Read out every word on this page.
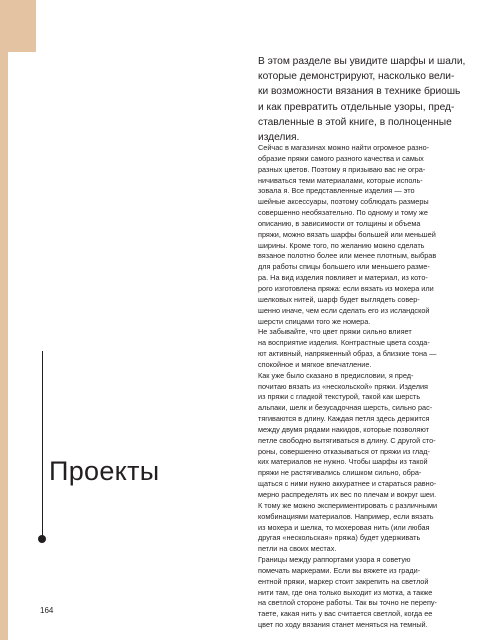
Проекты

В этом разделе вы увидите шарфы и шали,
которые демонстрируют, насколько вели-
ки возможности вязания в технике бриошь
и как превратить отдельные узоры, пред-
ставленные в этой книге, в полноценные
изделия.

Сейчас в магазинах можно найти огромное разно-
образие пряжи самого разного качества и самых
разных цветов. Поэтому я призываю вас не огра-
ничиваться теми материалами, которые исполь-
зовала я. Все представленные изделия — это
шейные аксессуары, поэтому соблюдать размеры
совершенно необязательно. По одному и тому же
описанию, в зависимости от толщины и объема
пряжи, можно вязать шарфы большей или меньшей
ширины. Кроме того, по желанию можно сделать
вязаное полотно более или менее плотным, выбрав
для работы спицы большего или меньшего разме-
ра. На вид изделия повлияет и материал, из кото-
рого изготовлена пряжа: если вязать из мохера или
шелковых нитей, шарф будет выглядеть совер-
шенно иначе, чем если сделать его из исландской
шерсти спицами того же номера.

Не забывайте, что цвет пряжи сильно влияет
на восприятие изделия. Контрастные цвета созда-
ют активный, напряженный образ, а близкие тона —
спокойное и мягкое впечатление.

Как уже было сказано в предисловии, я пред-
почитаю вязать из «нескольской» пряжи. Изделия
из пряжи с гладкой текстурой, такой как шерсть
альпаки, шелк и безусадочная шерсть, сильно рас-
тягиваются в длину. Каждая петля здесь держится
между двумя рядами накидов, которые позволяют
петле свободно вытягиваться в длину. С другой сто-
роны, совершенно отказываться от пряжи из глад-
ких материалов не нужно. Чтобы шарфы из такой
пряжи не растягивались слишком сильно, обра-
щаться с ними нужно аккуратнее и стараться равно-
мерно распределять их вес по плечам и вокруг шеи.
К тому же можно экспериментировать с различными
комбинациями материалов. Например, если вязать
из мохера и шелка, то мохеровая нить (или любая
другая «нескольская» пряжа) будет удерживать
петли на своих местах.

Границы между раппортами узора я советую
помечать маркерами. Если вы вяжете из гради-
ентной пряжи, маркер стоит закрепить на светлой
нити там, где она только выходит из мотка, а также
на светлой стороне работы. Так вы точно не перепу-
таете, какая нить у вас считается светлой, когда ее
цвет по ходу вязания станет меняться на темный.

164
